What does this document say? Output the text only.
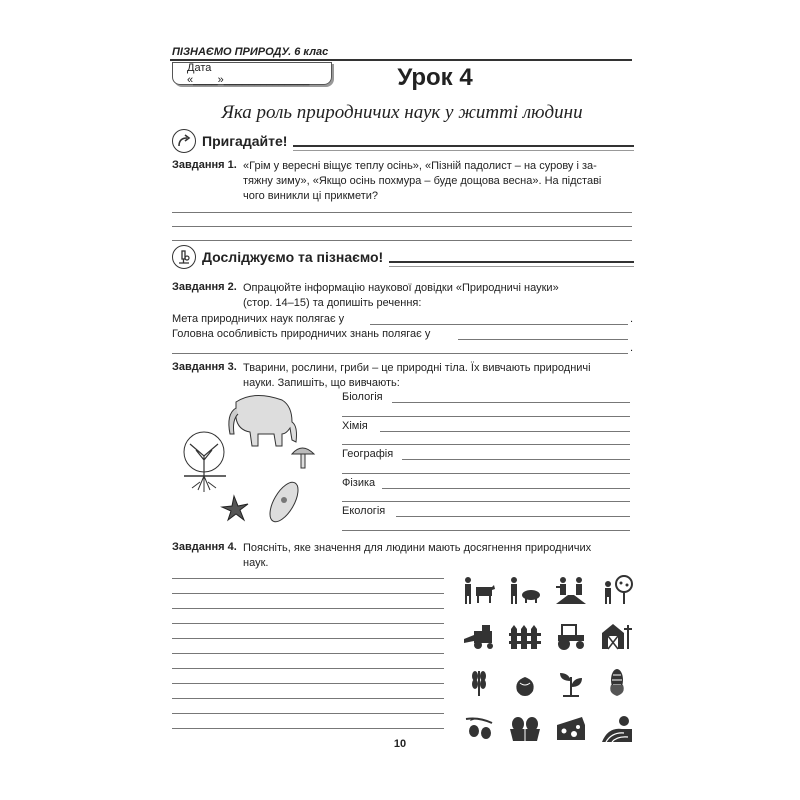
ПІЗНАЄМО ПРИРОДУ. 6 клас
Дата «____»______________	Урок 4
Яка роль природничих наук у житті людини
Пригадайте!
Завдання 1. «Грім у вересні віщує теплу осінь», «Пізній падолист – на сурову і за-
тяжну зиму», «Якщо осінь похмура – буде дощова весна». На підставі
чого виникли ці прикмети?
Досліджуємо та пізнаємо!
Завдання 2. Опрацюйте інформацію наукової довідки «Природничі науки»
(стор. 14–15) та допишіть речення:
Мета природничих наук полягає у	.
Головна особливість природничих знань полягає у
.
Завдання 3. Тварини, рослини, гриби – це природні тіла. Їх вивчають природничі
науки. Запишіть, що вивчають:
Біологія
Хімія
Географія
Фізика
Екологія
Завдання 4. Поясніть, яке значення для людини мають досягнення природничих
наук.
10
